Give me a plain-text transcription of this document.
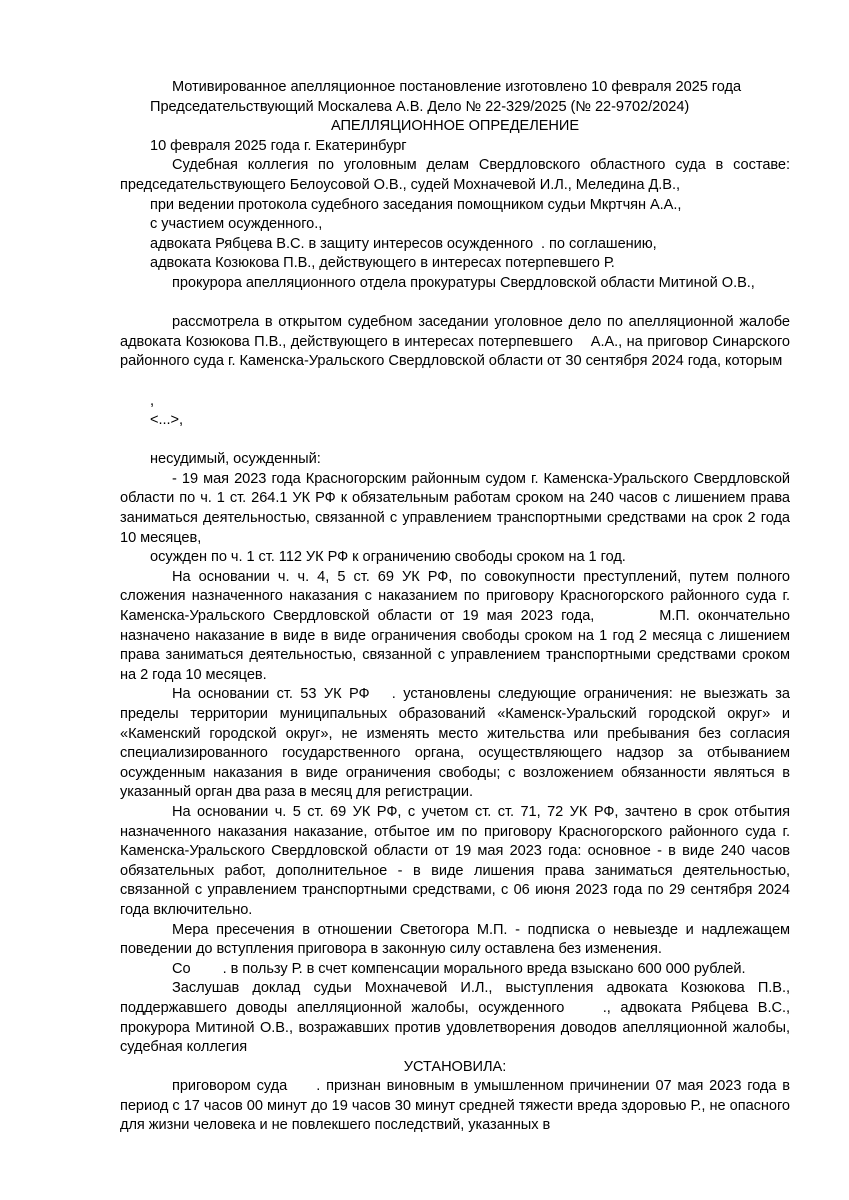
Мотивированное апелляционное постановление изготовлено 10 февраля 2025 года

Председательствующий Москалева А.В. Дело № 22-329/2025 (№ 22-9702/2024)

АПЕЛЛЯЦИОННОЕ ОПРЕДЕЛЕНИЕ

10 февраля 2025 года г. Екатеринбург

Судебная коллегия по уголовным делам Свердловского областного суда в составе: председательствующего Белоусовой О.В., судей Мохначевой И.Л., Меледина Д.В.,

при ведении протокола судебного заседания помощником судьи Мкртчян А.А.,

с участием осужденного.,

адвоката Рябцева В.С. в защиту интересов осужденного  . по соглашению,

адвоката Козюкова П.В., действующего в интересах потерпевшего Р.

прокурора апелляционного отдела прокуратуры Свердловской области Митиной О.В.,

рассмотрела в открытом судебном заседании уголовное дело по апелляционной жалобе адвоката Козюкова П.В., действующего в интересах потерпевшего    А.А., на приговор Синарского районного суда г. Каменска-Уральского Свердловской области от 30 сентября 2024 года, которым

,

<...>,

несудимый, осужденный:

- 19 мая 2023 года Красногорским районным судом г. Каменска-Уральского Свердловской области по ч. 1 ст. 264.1 УК РФ к обязательным работам сроком на 240 часов с лишением права заниматься деятельностью, связанной с управлением транспортными средствами на срок 2 года 10 месяцев,

осужден по ч. 1 ст. 112 УК РФ к ограничению свободы сроком на 1 год.

На основании ч. ч. 4, 5 ст. 69 УК РФ, по совокупности преступлений, путем полного сложения назначенного наказания с наказанием по приговору Красногорского районного суда г. Каменска-Уральского Свердловской области от 19 мая 2023 года,        М.П. окончательно назначено наказание в виде в виде ограничения свободы сроком на 1 год 2 месяца с лишением права заниматься деятельностью, связанной с управлением транспортными средствами сроком на 2 года 10 месяцев.

На основании ст. 53 УК РФ   . установлены следующие ограничения: не выезжать за пределы территории муниципальных образований «Каменск-Уральский городской округ» и «Каменский городской округ», не изменять место жительства или пребывания без согласия специализированного государственного органа, осуществляющего надзор за отбыванием осужденным наказания в виде ограничения свободы; с возложением обязанности являться в указанный орган два раза в месяц для регистрации.

На основании ч. 5 ст. 69 УК РФ, с учетом ст. ст. 71, 72 УК РФ, зачтено в срок отбытия назначенного наказания наказание, отбытое им по приговору Красногорского районного суда г. Каменска-Уральского Свердловской области от 19 мая 2023 года: основное - в виде 240 часов обязательных работ, дополнительное - в виде лишения права заниматься деятельностью, связанной с управлением транспортными средствами, с 06 июня 2023 года по 29 сентября 2024 года включительно.

Мера пресечения в отношении Светогора М.П. - подписка о невыезде и надлежащем поведении до вступления приговора в законную силу оставлена без изменения.

Со        . в пользу Р. в счет компенсации морального вреда взыскано 600 000 рублей.

Заслушав доклад судьи Мохначевой И.Л., выступления адвоката Козюкова П.В., поддержавшего доводы апелляционной жалобы, осужденного    ., адвоката Рябцева В.С., прокурора Митиной О.В., возражавших против удовлетворения доводов апелляционной жалобы, судебная коллегия

УСТАНОВИЛА:

приговором суда     . признан виновным в умышленном причинении 07 мая 2023 года в период с 17 часов 00 минут до 19 часов 30 минут средней тяжести вреда здоровью Р., не опасного для жизни человека и не повлекшего последствий, указанных в
